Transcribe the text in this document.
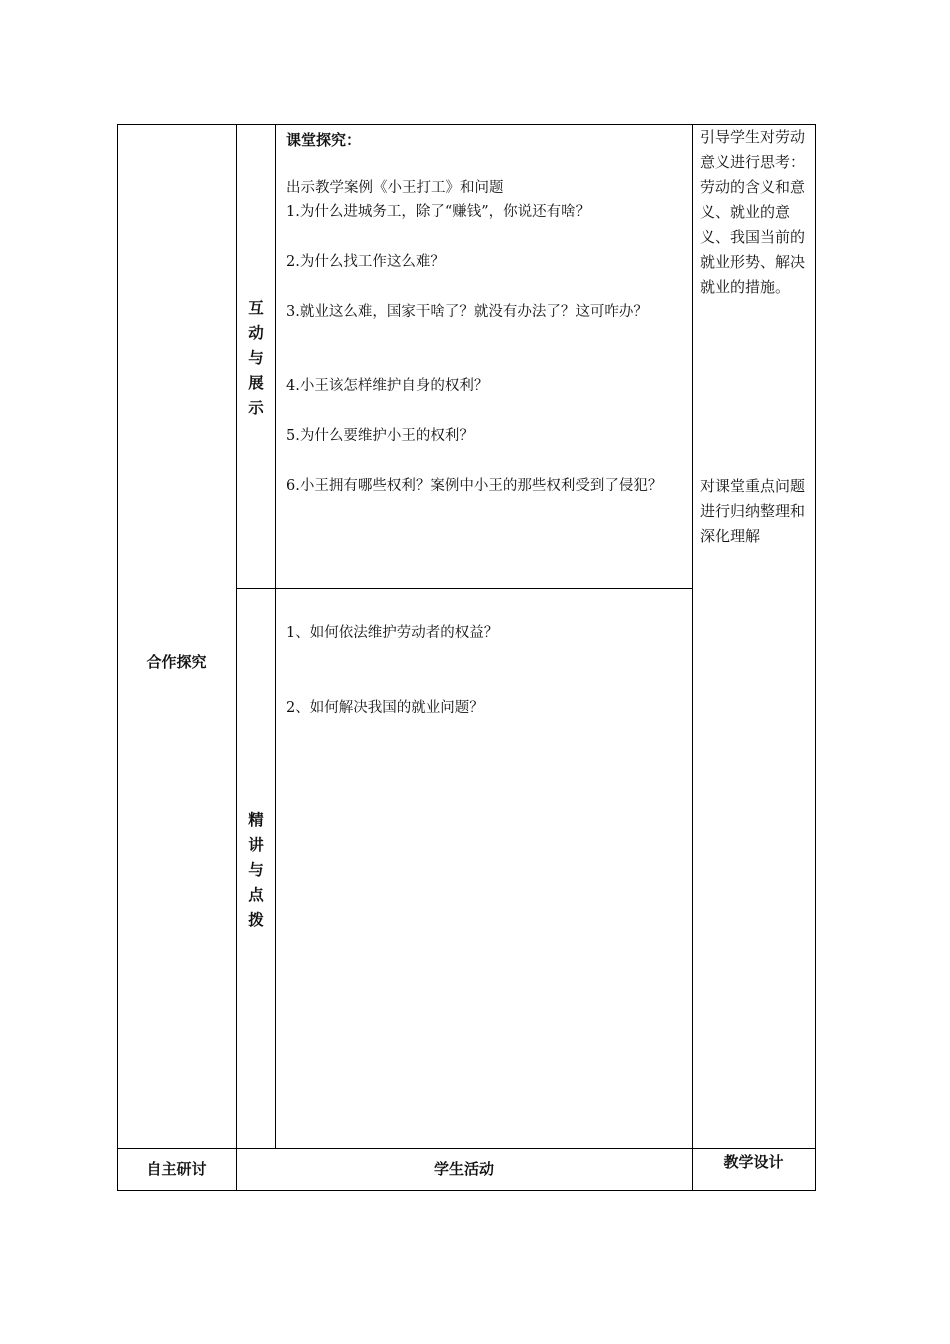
合作探究
互
动
与
展
示
精
讲
与
点
拨
课堂探究：
出示教学案例《小王打工》和问题
1.为什么进城务工，除了“赚钱”，你说还有啥？
2.为什么找工作这么难？
3.就业这么难，国家干啥了？就没有办法了？这可咋办？
4.小王该怎样维护自身的权利？
5.为什么要维护小王的权利？
6.小王拥有哪些权利？案例中小王的那些权利受到了侵犯？
1、如何依法维护劳动者的权益？
2、如何解决我国的就业问题？
引导学生对劳动意义进行思考：劳动的含义和意义、就业的意义、我国当前的就业形势、解决就业的措施。
对课堂重点问题进行归纳整理和深化理解
自主研讨	学生活动	教学设计
